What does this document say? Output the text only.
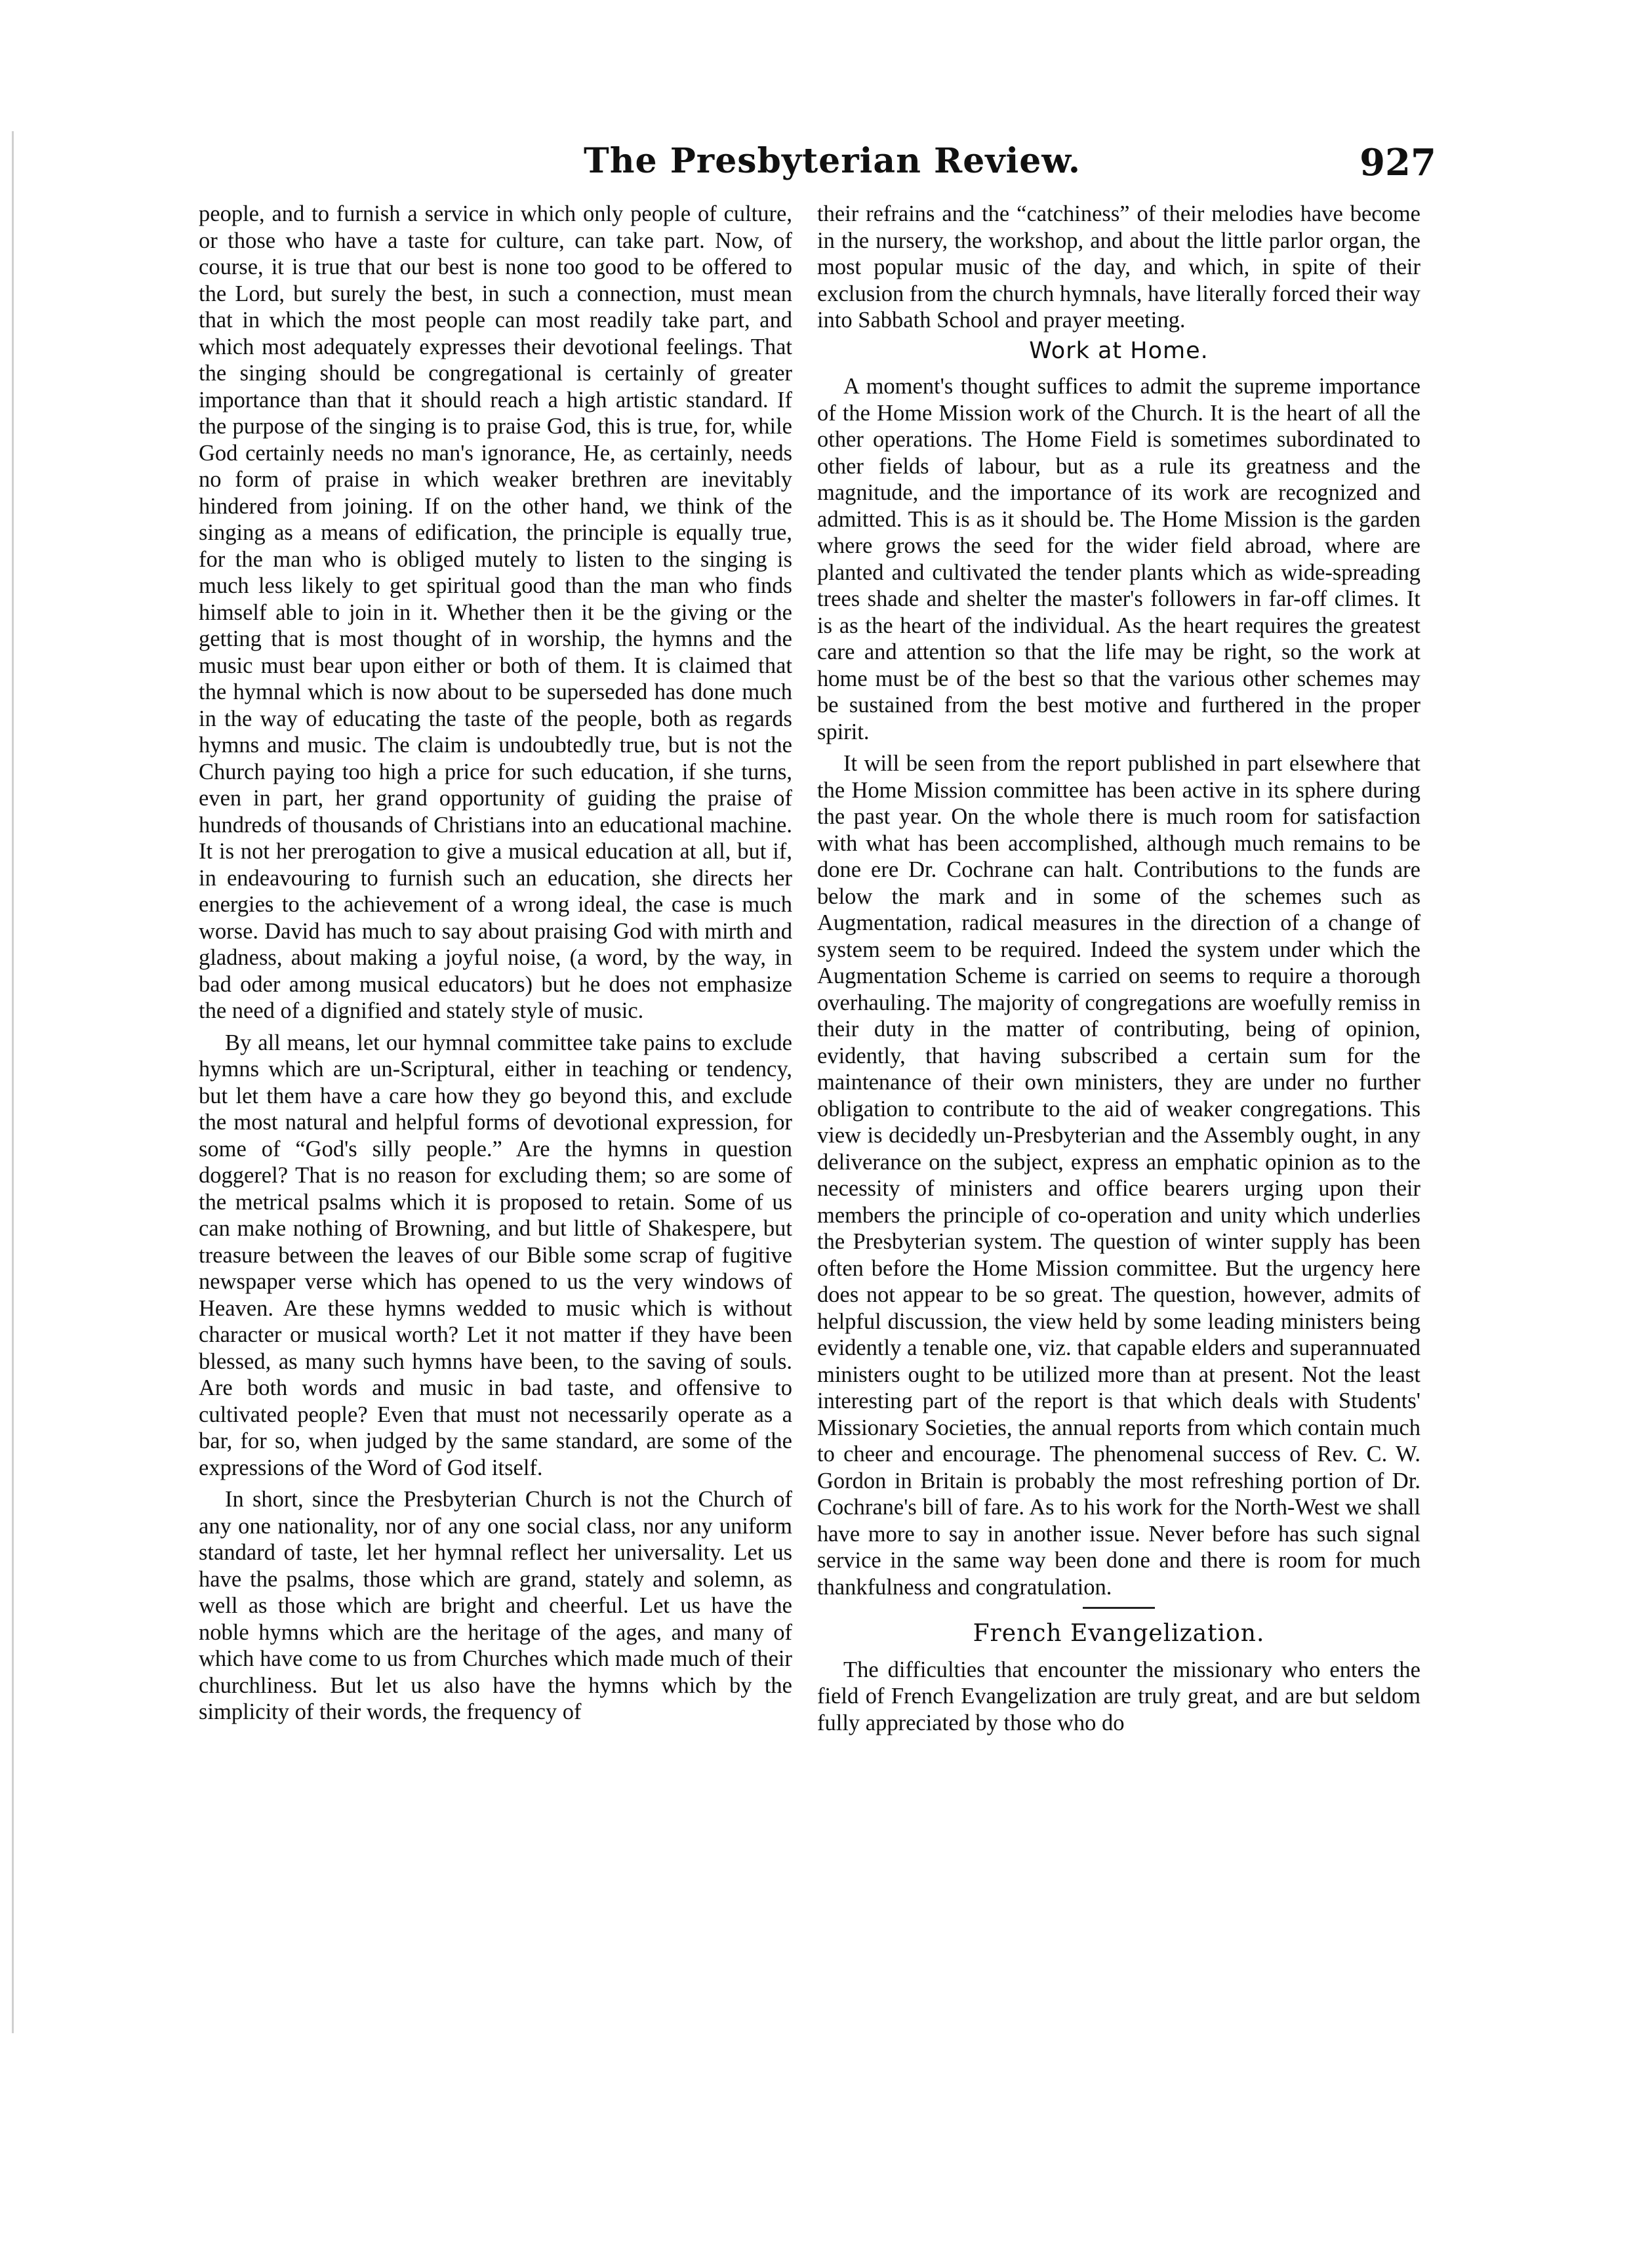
The Presbyterian Review.	927

people, and to furnish a service in which only people of culture, or those who have a taste for culture, can take part. Now, of course, it is true that our best is none too good to be offered to the Lord, but surely the best, in such a connection, must mean that in which the most people can most readily take part, and which most adequately expresses their devotional feelings. That the singing should be congregational is certainly of greater importance than that it should reach a high artistic standard. If the purpose of the singing is to praise God, this is true, for, while God certainly needs no man's ignorance, He, as certainly, needs no form of praise in which weaker brethren are inevitably hindered from joining. If on the other hand, we think of the singing as a means of edification, the principle is equally true, for the man who is obliged mutely to listen to the singing is much less likely to get spiritual good than the man who finds himself able to join in it. Whether then it be the giving or the getting that is most thought of in worship, the hymns and the music must bear upon either or both of them. It is claimed that the hymnal which is now about to be superseded has done much in the way of educating the taste of the people, both as regards hymns and music. The claim is undoubtedly true, but is not the Church paying too high a price for such education, if she turns, even in part, her grand opportunity of guiding the praise of hundreds of thousands of Christians into an educational machine. It is not her prerogation to give a musical education at all, but if, in endeavouring to furnish such an education, she directs her energies to the achievement of a wrong ideal, the case is much worse. David has much to say about praising God with mirth and gladness, about making a joyful noise, (a word, by the way, in bad oder among musical educators) but he does not emphasize the need of a dignified and stately style of music.

By all means, let our hymnal committee take pains to exclude hymns which are un-Scriptural, either in teaching or tendency, but let them have a care how they go beyond this, and exclude the most natural and helpful forms of devotional expression, for some of “God's silly people.” Are the hymns in question doggerel? That is no reason for excluding them; so are some of the metrical psalms which it is proposed to retain. Some of us can make nothing of Browning, and but little of Shakespere, but treasure between the leaves of our Bible some scrap of fugitive newspaper verse which has opened to us the very windows of Heaven. Are these hymns wedded to music which is without character or musical worth? Let it not matter if they have been blessed, as many such hymns have been, to the saving of souls. Are both words and music in bad taste, and offensive to cultivated people? Even that must not necessarily operate as a bar, for so, when judged by the same standard, are some of the expressions of the Word of God itself.

In short, since the Presbyterian Church is not the Church of any one nationality, nor of any one social class, nor any uniform standard of taste, let her hymnal reflect her universality. Let us have the psalms, those which are grand, stately and solemn, as well as those which are bright and cheerful. Let us have the noble hymns which are the heritage of the ages, and many of which have come to us from Churches which made much of their churchliness. But let us also have the hymns which by the simplicity of their words, the frequency of

their refrains and the “catchiness” of their melodies have become in the nursery, the workshop, and about the little parlor organ, the most popular music of the day, and which, in spite of their exclusion from the church hymnals, have literally forced their way into Sabbath School and prayer meeting.

Work at Home.

A moment's thought suffices to admit the supreme importance of the Home Mission work of the Church. It is the heart of all the other operations. The Home Field is sometimes subordinated to other fields of labour, but as a rule its greatness and the magnitude, and the importance of its work are recognized and admitted. This is as it should be. The Home Mission is the garden where grows the seed for the wider field abroad, where are planted and cultivated the tender plants which as wide-spreading trees shade and shelter the master's followers in far-off climes. It is as the heart of the individual. As the heart requires the greatest care and attention so that the life may be right, so the work at home must be of the best so that the various other schemes may be sustained from the best motive and furthered in the proper spirit.

It will be seen from the report published in part elsewhere that the Home Mission committee has been active in its sphere during the past year. On the whole there is much room for satisfaction with what has been accomplished, although much remains to be done ere Dr. Cochrane can halt. Contributions to the funds are below the mark and in some of the schemes such as Augmentation, radical measures in the direction of a change of system seem to be required. Indeed the system under which the Augmentation Scheme is carried on seems to require a thorough overhauling. The majority of congregations are woefully remiss in their duty in the matter of contributing, being of opinion, evidently, that having subscribed a certain sum for the maintenance of their own ministers, they are under no further obligation to contribute to the aid of weaker congregations. This view is decidedly un-Presbyterian and the Assembly ought, in any deliverance on the subject, express an emphatic opinion as to the necessity of ministers and office bearers urging upon their members the principle of co-operation and unity which underlies the Presbyterian system. The question of winter supply has been often before the Home Mission committee. But the urgency here does not appear to be so great. The question, however, admits of helpful discussion, the view held by some leading ministers being evidently a tenable one, viz. that capable elders and superannuated ministers ought to be utilized more than at present. Not the least interesting part of the report is that which deals with Students' Missionary Societies, the annual reports from which contain much to cheer and encourage. The phenomenal success of Rev. C. W. Gordon in Britain is probably the most refreshing portion of Dr. Cochrane's bill of fare. As to his work for the North-West we shall have more to say in another issue. Never before has such signal service in the same way been done and there is room for much thankfulness and congratulation.

French Evangelization.

The difficulties that encounter the missionary who enters the field of French Evangelization are truly great, and are but seldom fully appreciated by those who do
